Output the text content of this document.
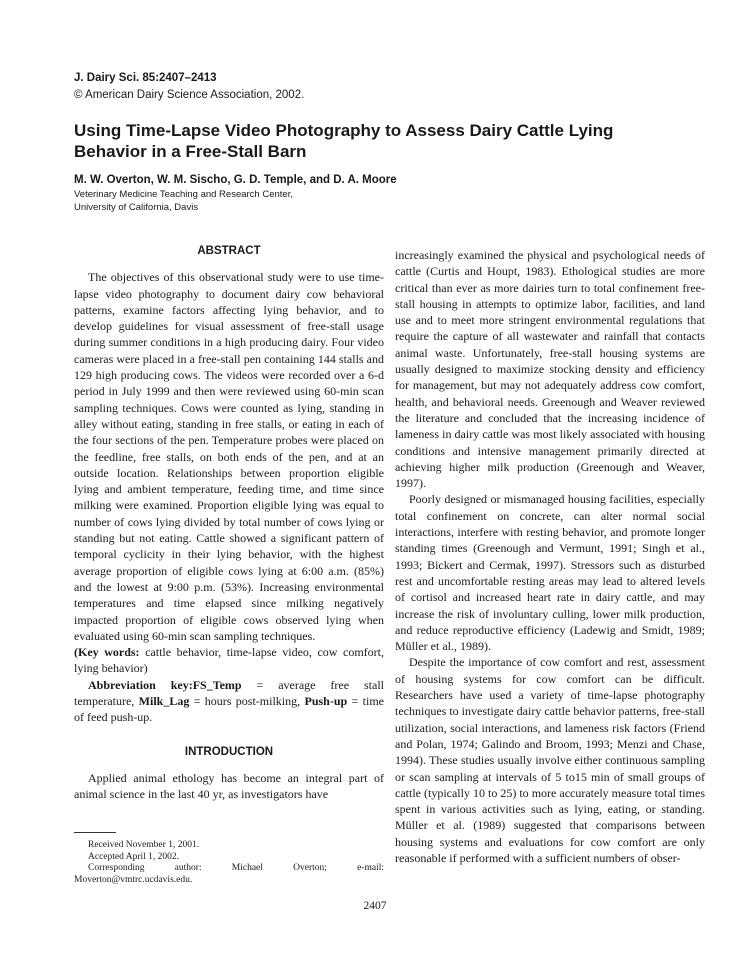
J. Dairy Sci. 85:2407–2413
© American Dairy Science Association, 2002.
Using Time-Lapse Video Photography to Assess Dairy Cattle Lying Behavior in a Free-Stall Barn
M. W. Overton, W. M. Sischo, G. D. Temple, and D. A. Moore
Veterinary Medicine Teaching and Research Center,
University of California, Davis
ABSTRACT

The objectives of this observational study were to use time-lapse video photography to document dairy cow behavioral patterns, examine factors affecting lying behavior, and to develop guidelines for visual assessment of free-stall usage during summer conditions in a high producing dairy. Four video cameras were placed in a free-stall pen containing 144 stalls and 129 high producing cows. The videos were recorded over a 6-d period in July 1999 and then were reviewed using 60-min scan sampling techniques. Cows were counted as lying, standing in alley without eating, standing in free stalls, or eating in each of the four sections of the pen. Temperature probes were placed on the feedline, free stalls, on both ends of the pen, and at an outside location. Relationships between proportion eligible lying and ambient temperature, feeding time, and time since milking were examined. Proportion eligible lying was equal to number of cows lying divided by total number of cows lying or standing but not eating. Cattle showed a significant pattern of temporal cyclicity in their lying behavior, with the highest average proportion of eligible cows lying at 6:00 a.m. (85%) and the lowest at 9:00 p.m. (53%). Increasing environmental temperatures and time elapsed since milking negatively impacted proportion of eligible cows observed lying when evaluated using 60-min scan sampling techniques.
(Key words: cattle behavior, time-lapse video, cow comfort, lying behavior)

Abbreviation key:FS_Temp = average free stall temperature, Milk_Lag = hours post-milking, Push-up = time of feed push-up.

INTRODUCTION

Applied animal ethology has become an integral part of animal science in the last 40 yr, as investigators have

increasingly examined the physical and psychological needs of cattle (Curtis and Houpt, 1983). Ethological studies are more critical than ever as more dairies turn to total confinement free-stall housing in attempts to optimize labor, facilities, and land use and to meet more stringent environmental regulations that require the capture of all wastewater and rainfall that contacts animal waste. Unfortunately, free-stall housing systems are usually designed to maximize stocking density and efficiency for management, but may not adequately address cow comfort, health, and behavioral needs. Greenough and Weaver reviewed the literature and concluded that the increasing incidence of lameness in dairy cattle was most likely associated with housing conditions and intensive management primarily directed at achieving higher milk production (Greenough and Weaver, 1997).

Poorly designed or mismanaged housing facilities, especially total confinement on concrete, can alter normal social interactions, interfere with resting behavior, and promote longer standing times (Greenough and Vermunt, 1991; Singh et al., 1993; Bickert and Cermak, 1997). Stressors such as disturbed rest and uncomfortable resting areas may lead to altered levels of cortisol and increased heart rate in dairy cattle, and may increase the risk of involuntary culling, lower milk production, and reduce reproductive efficiency (Ladewig and Smidt, 1989; Müller et al., 1989).

Despite the importance of cow comfort and rest, assessment of housing systems for cow comfort can be difficult. Researchers have used a variety of time-lapse photography techniques to investigate dairy cattle behavior patterns, free-stall utilization, social interactions, and lameness risk factors (Friend and Polan, 1974; Galindo and Broom, 1993; Menzi and Chase, 1994). These studies usually involve either continuous sampling or scan sampling at intervals of 5 to15 min of small groups of cattle (typically 10 to 25) to more accurately measure total times spent in various activities such as lying, eating, or standing. Müller et al. (1989) suggested that comparisons between housing systems and evaluations for cow comfort are only reasonable if performed with a sufficient numbers of obser-

Received November 1, 2001.
Accepted April 1, 2002.
Corresponding author: Michael Overton; e-mail: Moverton@vmtrc.ucdavis.edu.
2407
